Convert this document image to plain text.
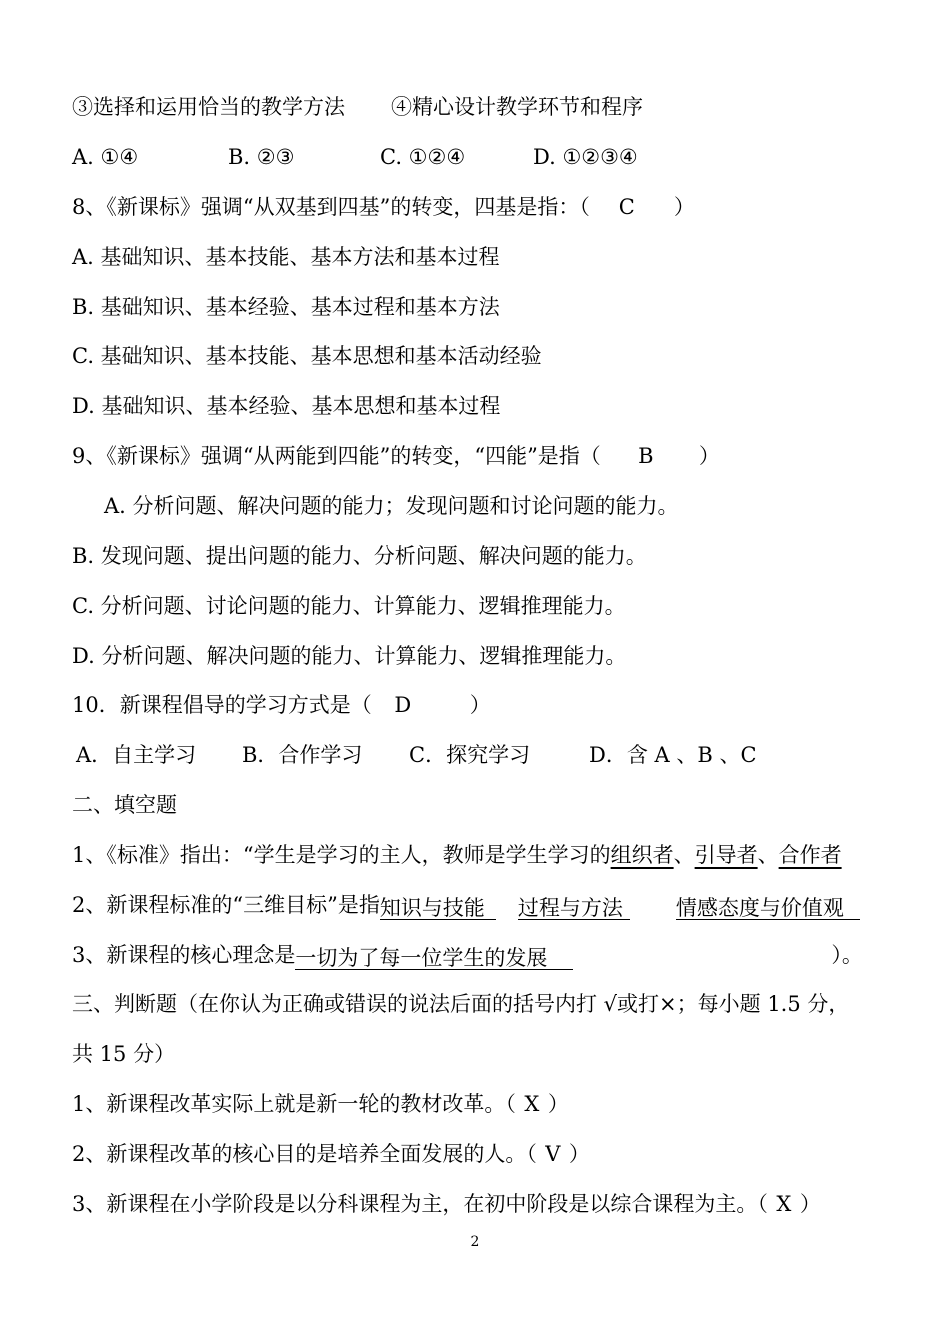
③选择和运用恰当的教学方法 ④精心设计教学环节和程序
A. ①④	B. ②③	C. ①②④	D. ①②③④
8、《新课标》强调“从双基到四基”的转变，四基是指：（ C ）
A. 基础知识、基本技能、基本方法和基本过程
B. 基础知识、基本经验、基本过程和基本方法
C. 基础知识、基本技能、基本思想和基本活动经验
D. 基础知识、基本经验、基本思想和基本过程
9、《新课标》强调“从两能到四能”的转变，“四能”是指（ B ）
A. 分析问题、解决问题的能力；发现问题和讨论问题的能力。
B. 发现问题、提出问题的能力、分析问题、解决问题的能力。
C. 分析问题、讨论问题的能力、计算能力、逻辑推理能力。
D. 分析问题、解决问题的能力、计算能力、逻辑推理能力。
10．新课程倡导的学习方式是（ D	）
A．自主学习 B．合作学习 C．探究学习	D．含 A 、B 、C
二、填空题
1、《标准》指出：“学生是学习的主人，教师是学生学习的组织者、引导者、合作者
2、新课程标准的“三维目标”是指知识与技能 过程与方法	情感态度与价值观
3、新课程的核心理念是一切为了每一位学生的发展	）。
三、判断题（在你认为正确或错误的说法后面的括号内打 √或打×；每小题 1.5 分，
共 15 分）
1、新课程改革实际上就是新一轮的教材改革。（ X ）
2、新课程改革的核心目的是培养全面发展的人。（ V ）
3、新课程在小学阶段是以分科课程为主，在初中阶段是以综合课程为主。（ X ）
2
